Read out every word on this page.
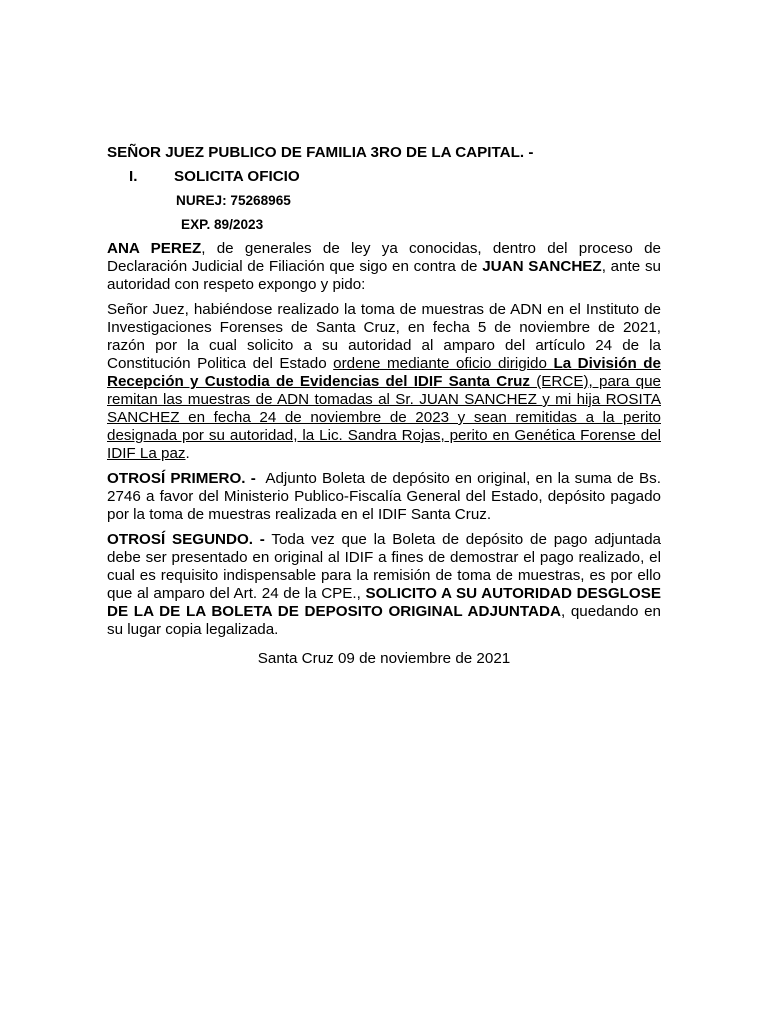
SEÑOR JUEZ PUBLICO DE FAMILIA 3RO DE LA CAPITAL. -
I.	SOLICITA OFICIO
NUREJ: 75268965
EXP. 89/2023

ANA PEREZ, de generales de ley ya conocidas, dentro del proceso de Declaración Judicial de Filiación que sigo en contra de JUAN SANCHEZ, ante su autoridad con respeto expongo y pido:

Señor Juez, habiéndose realizado la toma de muestras de ADN en el Instituto de Investigaciones Forenses de Santa Cruz, en fecha 5 de noviembre de 2021, razón por la cual solicito a su autoridad al amparo del artículo 24 de la Constitución Politica del Estado ordene mediante oficio dirigido La División de Recepción y Custodia de Evidencias del IDIF Santa Cruz (ERCE), para que remitan las muestras de ADN tomadas al Sr. JUAN SANCHEZ y mi hija ROSITA SANCHEZ en fecha 24 de noviembre de 2023 y sean remitidas a la perito designada por su autoridad, la Lic. Sandra Rojas, perito en Genética Forense del IDIF La paz.

OTROSÍ PRIMERO. -  Adjunto Boleta de depósito en original, en la suma de Bs. 2746 a favor del Ministerio Publico-Fiscalía General del Estado, depósito pagado por la toma de muestras realizada en el IDIF Santa Cruz.

OTROSÍ SEGUNDO. - Toda vez que la Boleta de depósito de pago adjuntada debe ser presentado en original al IDIF a fines de demostrar el pago realizado, el cual es requisito indispensable para la remisión de toma de muestras, es por ello que al amparo del Art. 24 de la CPE., SOLICITO A SU AUTORIDAD DESGLOSE DE LA DE LA BOLETA DE DEPOSITO ORIGINAL ADJUNTADA, quedando en su lugar copia legalizada.

Santa Cruz 09 de noviembre de 2021
